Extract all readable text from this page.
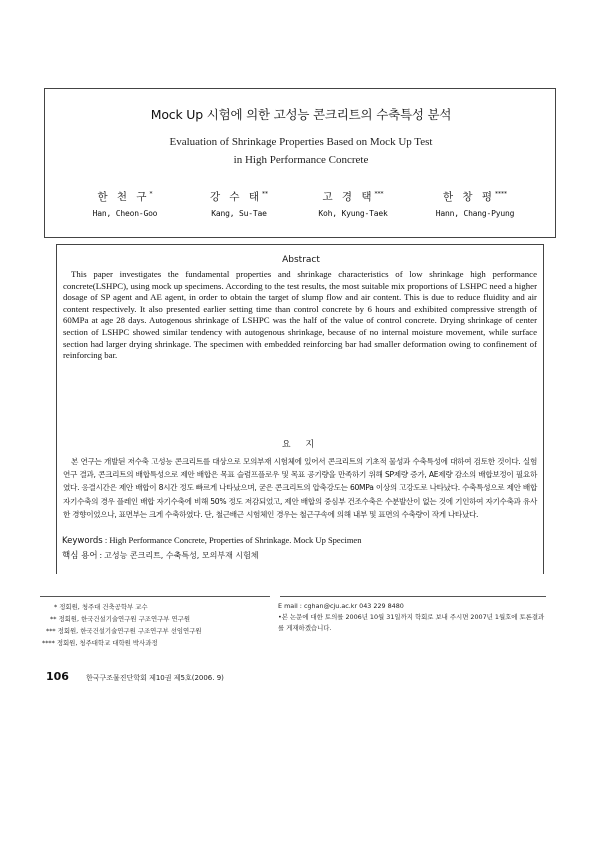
Mock Up 시험에 의한 고성능 콘크리트의 수축특성 분석
Evaluation of Shrinkage Properties Based on Mock Up Test
in High Performance Concrete
한 천 구*
Han, Cheon-Goo
강 수 태**
Kang, Su-Tae
고 경 택***
Koh, Kyung-Taek
한 창 평****
Hann, Chang-Pyung
Abstract

This paper investigates the fundamental properties and shrinkage characteristics of low shrinkage high performance concrete(LSHPC), using mock up specimens. According to the test results, the most suitable mix proportions of LSHPC need a higher dosage of SP agent and AE agent, in order to obtain the target of slump flow and air content. This is due to reduce fluidity and air content respectively. It also presented earlier setting time than control concrete by 6 hours and exhibited compressive strength of 60MPa at age 28 days. Autogenous shrinkage of LSHPC was the half of the value of control concrete. Drying shrinkage of center section of LSHPC showed similar tendency with autogenous shrinkage, because of no internal moisture movement, while surface section had larger drying shrinkage. The specimen with embedded reinforcing bar had smaller deformation owing to confinement of reinforcing bar.

요 지

본 연구는 개발된 저수축 고성능 콘크리트를 대상으로 모의부재 시험체에 있어서 콘크리트의 기초적 물성과 수축특성에 대하여 검토한 것이다. 실험연구 결과, 콘크리트의 배합특성으로 제안 배합은 목표 슬럼프플로우 및 목표 공기량을 만족하기 위해 SP제량 증가, AE제량 감소의 배합보정이 필요하였다. 응결시간은 제안 배합이 8시간 정도 빠르게 나타났으며, 굳은 콘크리트의 압축강도는 60MPa 이상의 고강도로 나타났다. 수축특성으로 제안 배합 자기수축의 경우 플레인 배합 자기수축에 비해 50% 정도 저감되었고, 제안 배합의 중심부 건조수축은 수분발산이 없는 것에 기인하여 자기수축과 유사한 경향이었으나, 표면부는 크게 수축하였다. 단, 철근배근 시험체인 경우는 철근구속에 의해 내부 및 표면의 수축량이 작게 나타났다.

Keywords : High Performance Concrete, Properties of Shrinkage. Mock Up Specimen
핵심 용어 : 고성능 콘크리트, 수축특성, 모의부재 시험체
* 정회원, 청주대 건축공학부 교수
** 정회원, 한국건설기술연구원 구조연구부 연구원
*** 정회원, 한국건설기술연구원 구조연구부 선임연구원
**** 정회원, 청주대학교 대학원 박사과정
E mail : cghan@cju.ac.kr 043 229 8480
•본 논문에 대한 토의를 2006년 10월 31일까지 학회로 보내 주시면 2007년 1월호에 토론결과를 게재하겠습니다.
106 한국구조물진단학회 제10권 제5호(2006. 9)
